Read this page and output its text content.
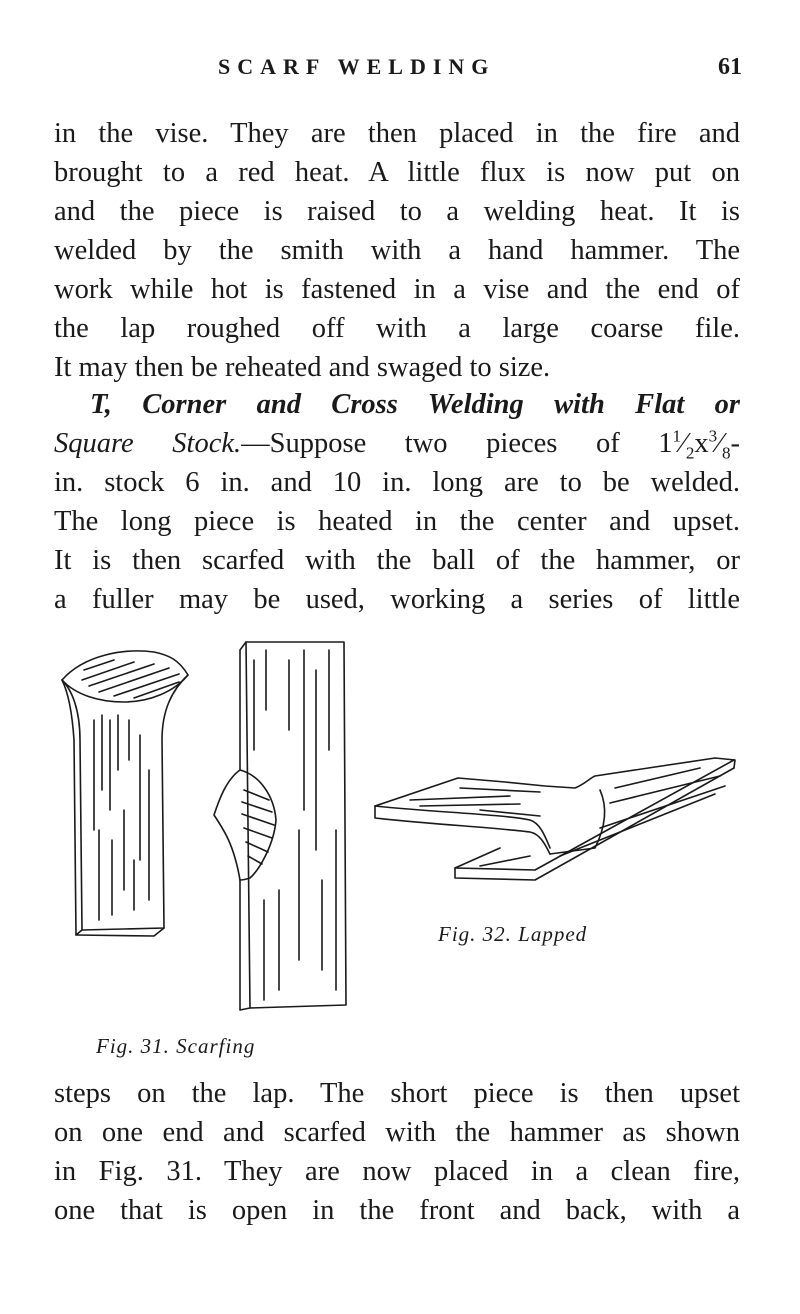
SCARF WELDING	61
in the vise. They are then placed in the fire and
brought to a red heat. A little flux is now put on
and the piece is raised to a welding heat. It is
welded by the smith with a hand hammer. The
work while hot is fastened in a vise and the end of
the lap roughed off with a large coarse file.
It may then be reheated and swaged to size.
T, Corner and Cross Welding with Flat or
Square Stock.—Suppose two pieces of $1^1⁄_2x^3⁄_8-$
in. stock 6 in. and 10 in. long are to be welded.
The long piece is heated in the center and upset.
It is then scarfed with the ball of the hammer, or
a fuller may be used, working a series of little
Fig. 31. Scarfing
Fig. 32. Lapped
steps on the lap. The short piece is then upset
on one end and scarfed with the hammer as shown
in Fig. 31. They are now placed in a clean fire,
one that is open in the front and back, with a
